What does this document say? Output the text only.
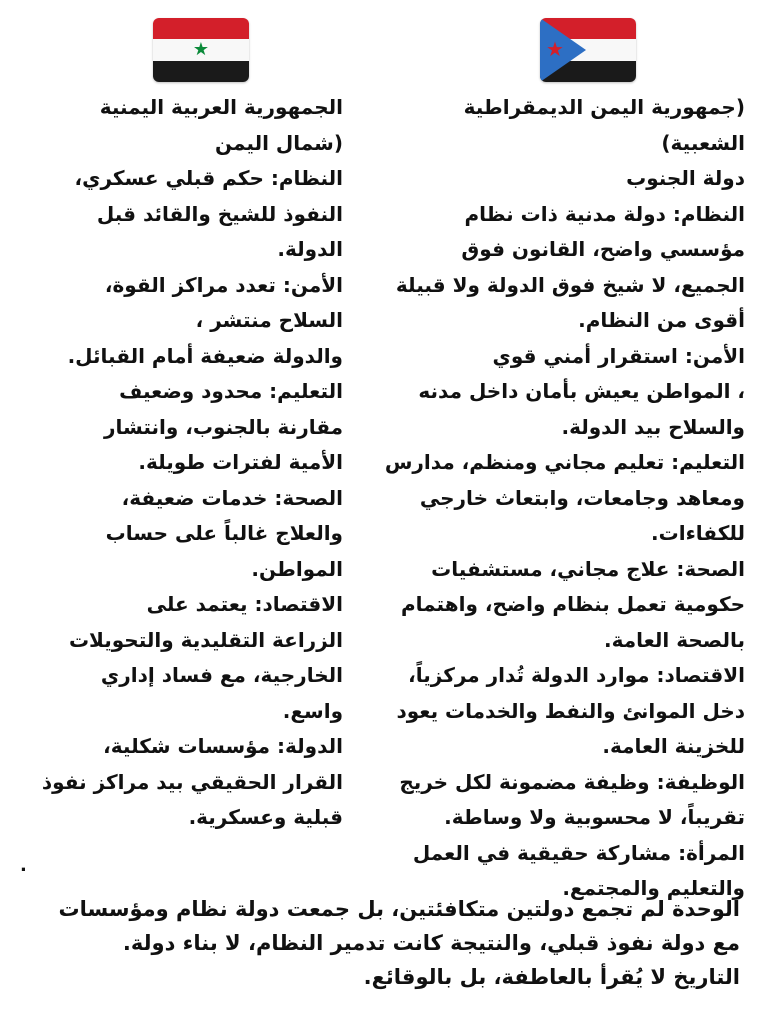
★
الجمهورية العربية اليمنية
(شمال اليمن
النظام: حكم قبلي عسكري،
النفوذ للشيخ والقائد قبل
الدولة.
الأمن: تعدد مراكز القوة،
السلاح منتشر ،
والدولة ضعيفة أمام القبائل.
التعليم: محدود وضعيف
مقارنة بالجنوب، وانتشار
الأمية لفترات طويلة.
الصحة: خدمات ضعيفة،
والعلاج غالباً على حساب
المواطن.
الاقتصاد: يعتمد على
الزراعة التقليدية والتحويلات
الخارجية، مع فساد إداري
واسع.
الدولة: مؤسسات شكلية،
القرار الحقيقي بيد مراكز نفوذ
قبلية وعسكرية.
★
(جمهورية اليمن الديمقراطية
الشعبية)
دولة الجنوب
النظام: دولة مدنية ذات نظام
مؤسسي واضح، القانون فوق
الجميع، لا شيخ فوق الدولة ولا قبيلة
أقوى من النظام.
الأمن: استقرار أمني قوي
، المواطن يعيش بأمان داخل مدنه
والسلاح بيد الدولة.
التعليم: تعليم مجاني ومنظم، مدارس
ومعاهد وجامعات، وابتعاث خارجي
للكفاءات.
الصحة: علاج مجاني، مستشفيات
حكومية تعمل بنظام واضح، واهتمام
بالصحة العامة.
الاقتصاد: موارد الدولة تُدار مركزياً،
دخل الموانئ والنفط والخدمات يعود
للخزينة العامة.
الوظيفة: وظيفة مضمونة لكل خريج
تقريباً، لا محسوبية ولا وساطة.
المرأة: مشاركة حقيقية في العمل
والتعليم والمجتمع.
.
الوحدة لم تجمع دولتين متكافئتين، بل جمعت دولة نظام ومؤسسات
مع دولة نفوذ قبلي، والنتيجة كانت تدمير النظام، لا بناء دولة.
التاريخ لا يُقرأ بالعاطفة، بل بالوقائع.
